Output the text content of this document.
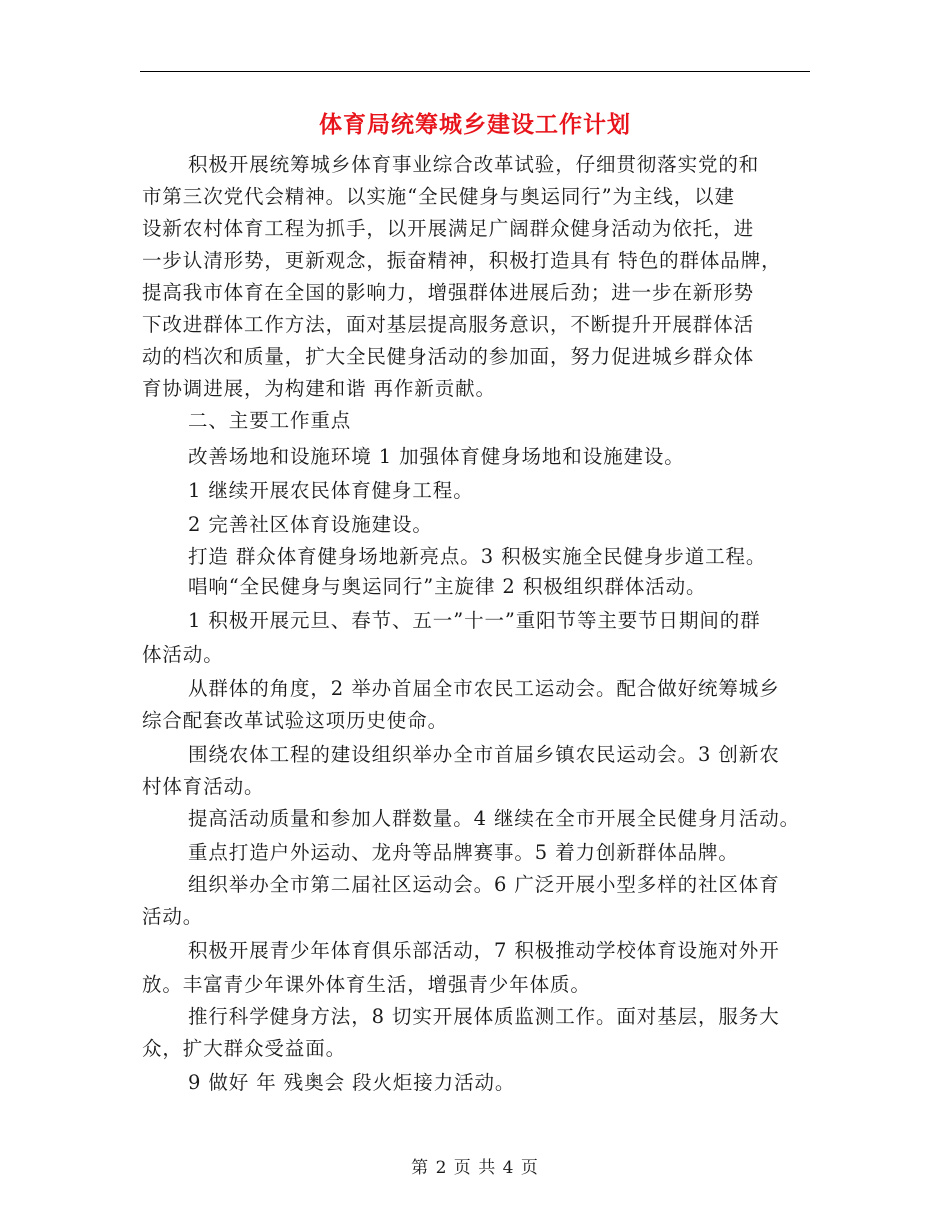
体育局统筹城乡建设工作计划
积极开展统筹城乡体育事业综合改革试验，仔细贯彻落实党的和
市第三次党代会精神。以实施“全民健身与奥运同行”为主线，以建
设新农村体育工程为抓手，以开展满足广阔群众健身活动为依托，进
一步认清形势，更新观念，振奋精神，积极打造具有 特色的群体品牌，
提高我市体育在全国的影响力，增强群体进展后劲；进一步在新形势
下改进群体工作方法，面对基层提高服务意识，不断提升开展群体活
动的档次和质量，扩大全民健身活动的参加面，努力促进城乡群众体
育协调进展，为构建和谐 再作新贡献。
二、主要工作重点
改善场地和设施环境 1 加强体育健身场地和设施建设。
1 继续开展农民体育健身工程。
2 完善社区体育设施建设。
打造 群众体育健身场地新亮点。3 积极实施全民健身步道工程。
唱响“全民健身与奥运同行”主旋律 2 积极组织群体活动。
1 积极开展元旦、春节、五一”十一”重阳节等主要节日期间的群
体活动。
从群体的角度，2 举办首届全市农民工运动会。配合做好统筹城乡
综合配套改革试验这项历史使命。
围绕农体工程的建设组织举办全市首届乡镇农民运动会。3 创新农
村体育活动。
提高活动质量和参加人群数量。4 继续在全市开展全民健身月活动。
重点打造户外运动、龙舟等品牌赛事。5 着力创新群体品牌。
组织举办全市第二届社区运动会。6 广泛开展小型多样的社区体育
活动。
积极开展青少年体育俱乐部活动，7 积极推动学校体育设施对外开
放。丰富青少年课外体育生活，增强青少年体质。
推行科学健身方法，8 切实开展体质监测工作。面对基层，服务大
众，扩大群众受益面。
9 做好 年 残奥会 段火炬接力活动。
第 2 页 共 4 页
